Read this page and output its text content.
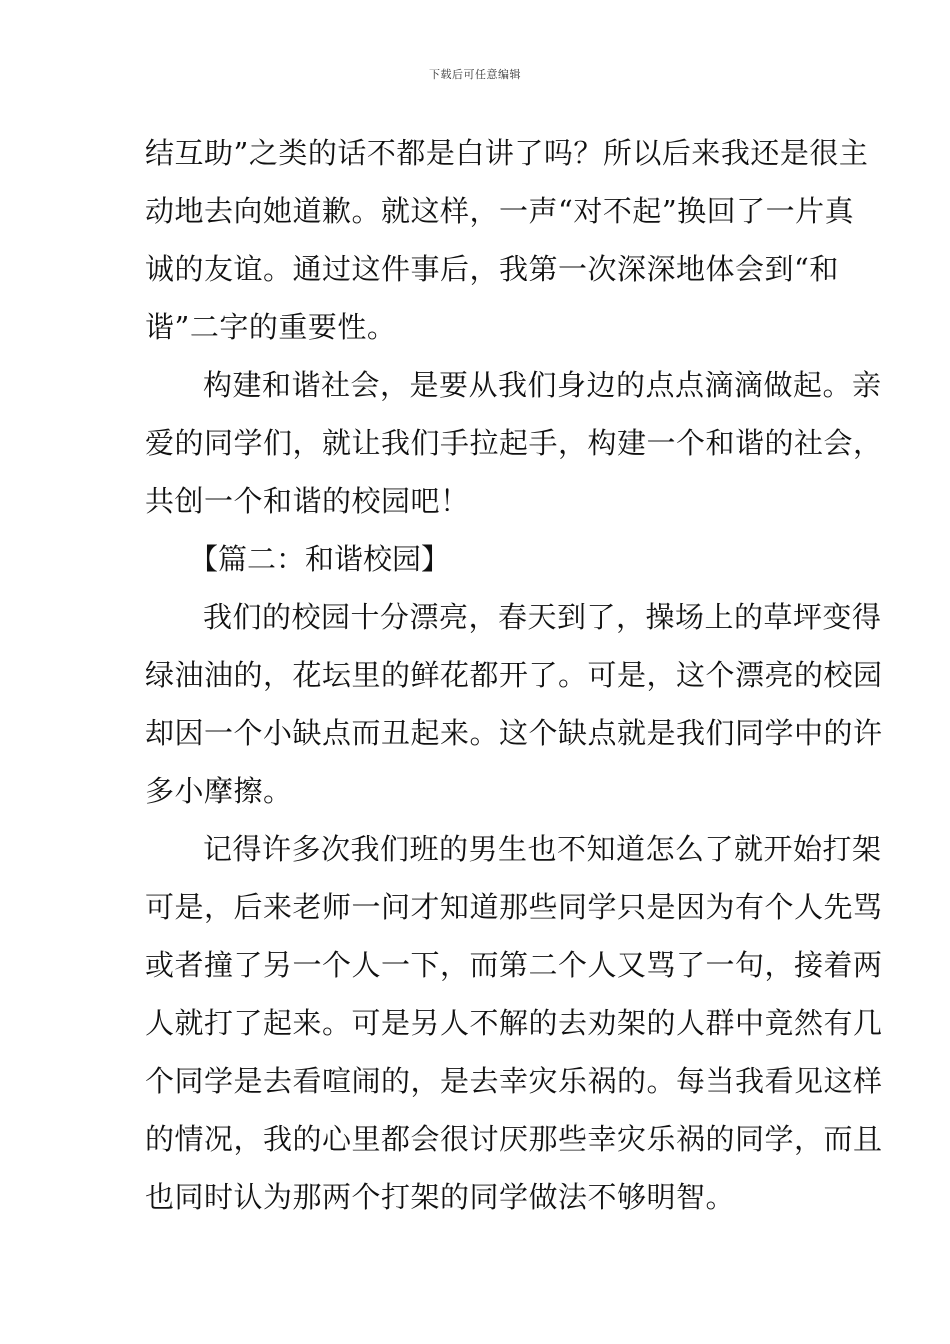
下载后可任意编辑
结互助”之类的话不都是白讲了吗？所以后来我还是很主
动地去向她道歉。就这样，一声“对不起”换回了一片真
诚的友谊。通过这件事后，我第一次深深地体会到“和
谐”二字的重要性。
构建和谐社会，是要从我们身边的点点滴滴做起。亲
爱的同学们，就让我们手拉起手，构建一个和谐的社会，
共创一个和谐的校园吧！
【篇二：和谐校园】
我们的校园十分漂亮，春天到了，操场上的草坪变得
绿油油的，花坛里的鲜花都开了。可是，这个漂亮的校园
却因一个小缺点而丑起来。这个缺点就是我们同学中的许
多小摩擦。
记得许多次我们班的男生也不知道怎么了就开始打架
可是，后来老师一问才知道那些同学只是因为有个人先骂
或者撞了另一个人一下，而第二个人又骂了一句，接着两
人就打了起来。可是另人不解的去劝架的人群中竟然有几
个同学是去看喧闹的，是去幸灾乐祸的。每当我看见这样
的情况，我的心里都会很讨厌那些幸灾乐祸的同学，而且
也同时认为那两个打架的同学做法不够明智。
